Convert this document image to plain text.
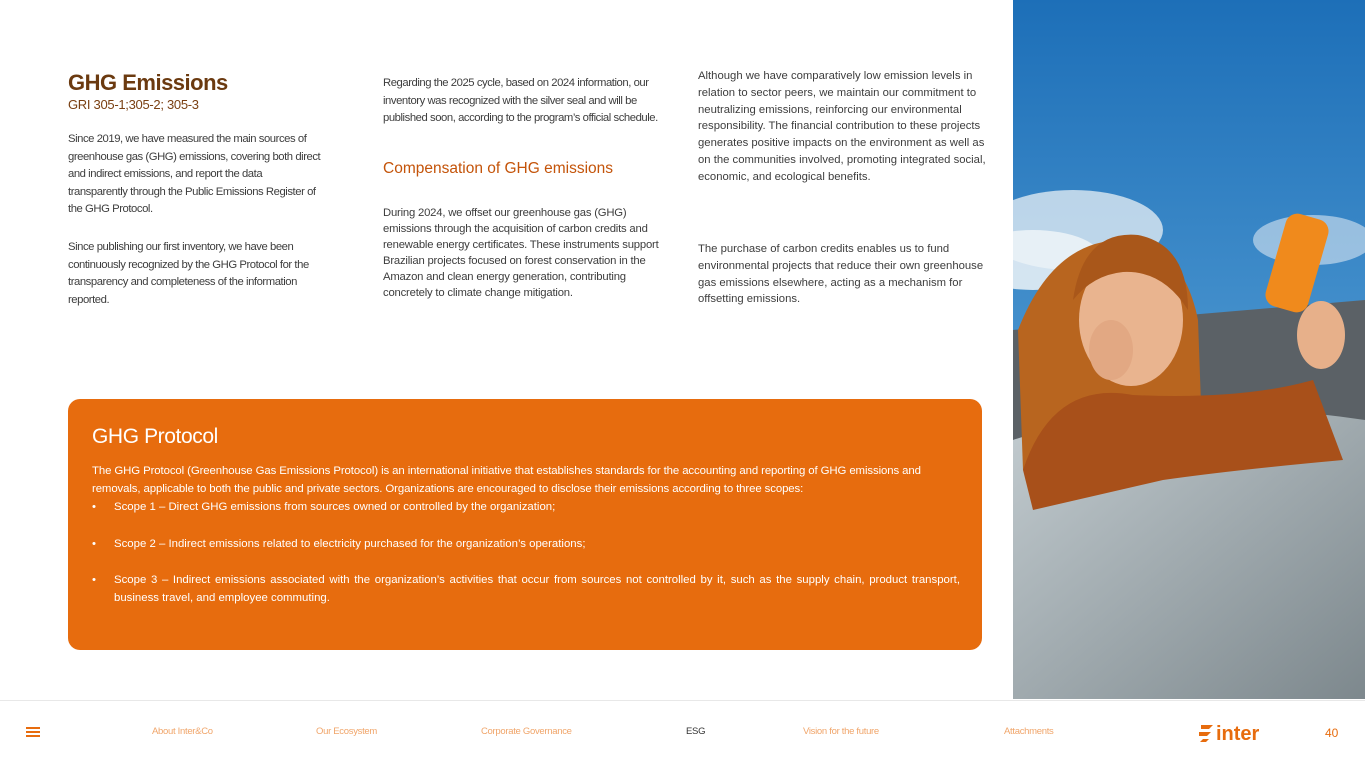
GHG Emissions
GRI 305-1;305-2; 305-3

Since 2019, we have measured the main sources of greenhouse gas (GHG) emissions, covering both direct and indirect emissions, and report the data transparently through the Public Emissions Register of the GHG Protocol.

Since publishing our first inventory, we have been continuously recognized by the GHG Protocol for the transparency and completeness of the information reported.

Regarding the 2025 cycle, based on 2024 information, our inventory was recognized with the silver seal and will be published soon, according to the program’s official schedule.

Compensation of GHG emissions

During 2024, we offset our greenhouse gas (GHG) emissions through the acquisition of carbon credits and renewable energy certificates. These instruments support Brazilian projects focused on forest conservation in the Amazon and clean energy generation, contributing concretely to climate change mitigation.

Although we have comparatively low emission levels in relation to sector peers, we maintain our commitment to neutralizing emissions, reinforcing our environmental responsibility. The financial contribution to these projects generates positive impacts on the environment as well as on the communities involved, promoting integrated social, economic, and ecological benefits.

The purchase of carbon credits enables us to fund environmental projects that reduce their own greenhouse gas emissions elsewhere, acting as a mechanism for offsetting emissions.

GHG Protocol
The GHG Protocol (Greenhouse Gas Emissions Protocol) is an international initiative that establishes standards for the accounting and reporting of GHG emissions and removals, applicable to both the public and private sectors. Organizations are encouraged to disclose their emissions according to three scopes:
• Scope 1 – Direct GHG emissions from sources owned or controlled by the organization;
• Scope 2 – Indirect emissions related to electricity purchased for the organization’s operations;
• Scope 3 – Indirect emissions associated with the organization’s activities that occur from sources not controlled by it, such as the supply chain, product transport, business travel, and employee commuting.
About Inter&Co	Our Ecosystem	Corporate Governance	ESG	Vision for the future	Attachments	inter	40
